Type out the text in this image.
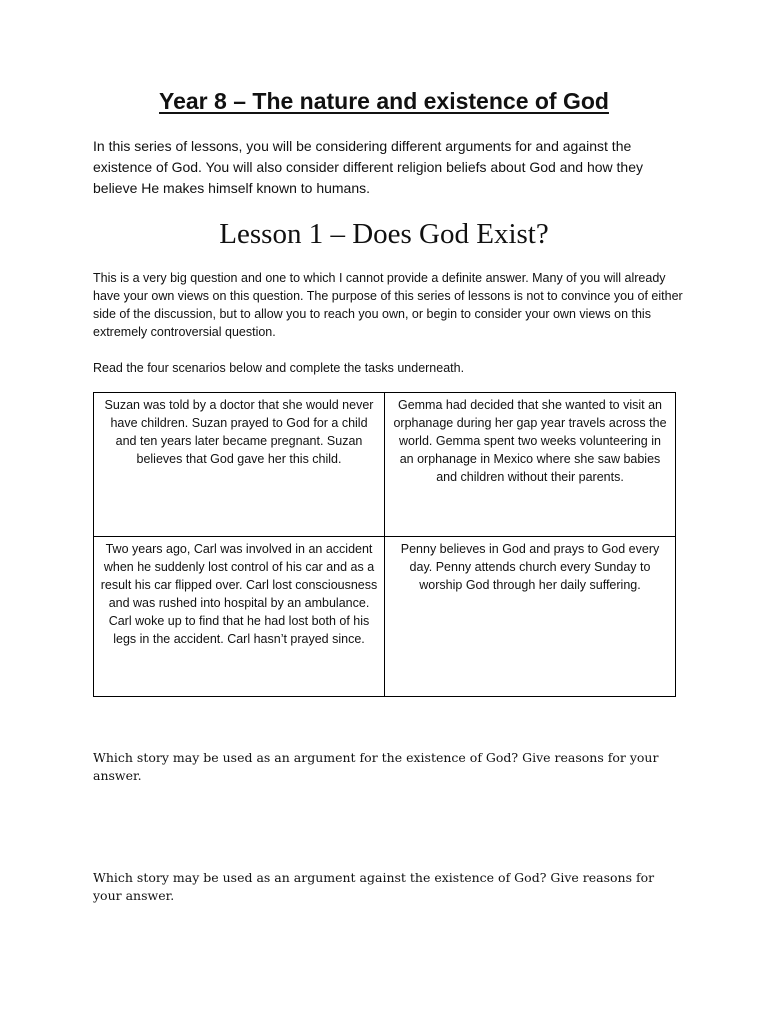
Year 8 – The nature and existence of God
In this series of lessons, you will be considering different arguments for and against the existence of God. You will also consider different religion beliefs about God and how they believe He makes himself known to humans.
Lesson 1 – Does God Exist?
This is a very big question and one to which I cannot provide a definite answer. Many of you will already have your own views on this question. The purpose of this series of lessons is not to convince you of either side of the discussion, but to allow you to reach you own, or begin to consider your own views on this extremely controversial question.
Read the four scenarios below and complete the tasks underneath.
Suzan was told by a doctor that she would never have children. Suzan prayed to God for a child and ten years later became pregnant. Suzan believes that God gave her this child.	Gemma had decided that she wanted to visit an orphanage during her gap year travels across the world. Gemma spent two weeks volunteering in an orphanage in Mexico where she saw babies and children without their parents.
Two years ago, Carl was involved in an accident when he suddenly lost control of his car and as a result his car flipped over. Carl lost consciousness and was rushed into hospital by an ambulance. Carl woke up to find that he had lost both of his legs in the accident. Carl hasn’t prayed since.	Penny believes in God and prays to God every day. Penny attends church every Sunday to worship God through her daily suffering.
Which story may be used as an argument for the existence of God? Give reasons for your answer.
Which story may be used as an argument against the existence of God? Give reasons for your answer.
